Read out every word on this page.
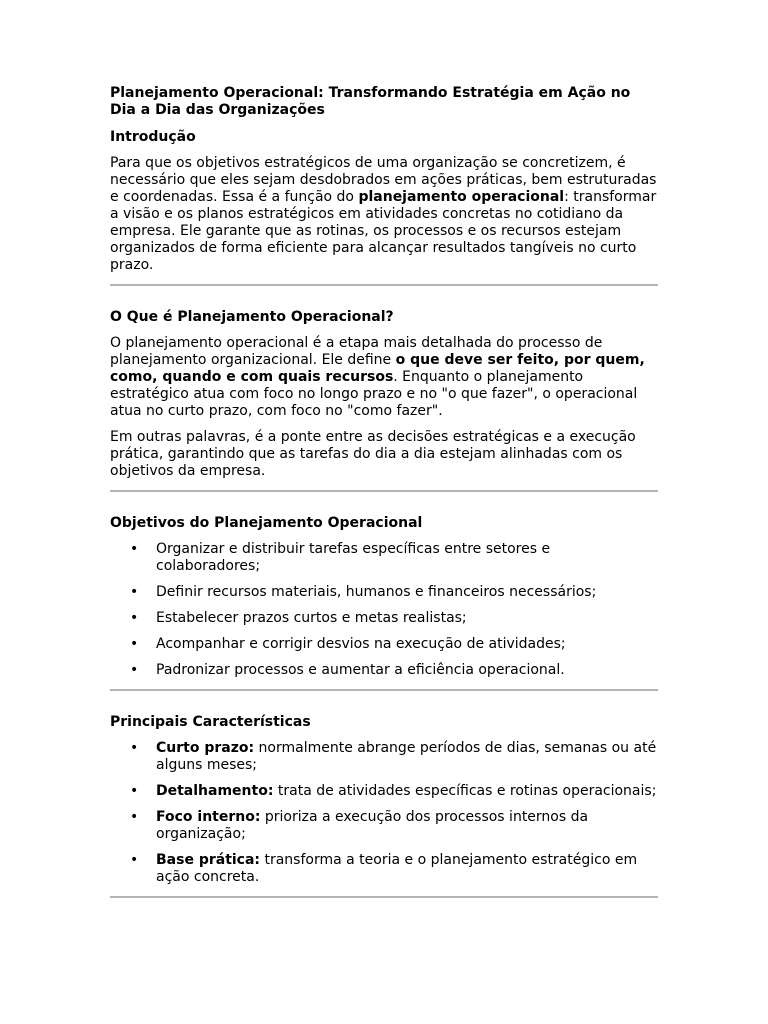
Planejamento Operacional: Transformando Estratégia em Ação no Dia a Dia das Organizações
Introdução

Para que os objetivos estratégicos de uma organização se concretizem, é necessário que eles sejam desdobrados em ações práticas, bem estruturadas e coordenadas. Essa é a função do planejamento operacional: transformar a visão e os planos estratégicos em atividades concretas no cotidiano da empresa. Ele garante que as rotinas, os processos e os recursos estejam organizados de forma eficiente para alcançar resultados tangíveis no curto prazo.

O Que é Planejamento Operacional?

O planejamento operacional é a etapa mais detalhada do processo de planejamento organizacional. Ele define o que deve ser feito, por quem, como, quando e com quais recursos. Enquanto o planejamento estratégico atua com foco no longo prazo e no "o que fazer", o operacional atua no curto prazo, com foco no "como fazer".

Em outras palavras, é a ponte entre as decisões estratégicas e a execução prática, garantindo que as tarefas do dia a dia estejam alinhadas com os objetivos da empresa.

Objetivos do Planejamento Operacional
• Organizar e distribuir tarefas específicas entre setores e colaboradores;
• Definir recursos materiais, humanos e financeiros necessários;
• Estabelecer prazos curtos e metas realistas;
• Acompanhar e corrigir desvios na execução de atividades;
• Padronizar processos e aumentar a eficiência operacional.
Principais Características
• Curto prazo: normalmente abrange períodos de dias, semanas ou até alguns meses;
• Detalhamento: trata de atividades específicas e rotinas operacionais;
• Foco interno: prioriza a execução dos processos internos da organização;
• Base prática: transforma a teoria e o planejamento estratégico em ação concreta.
